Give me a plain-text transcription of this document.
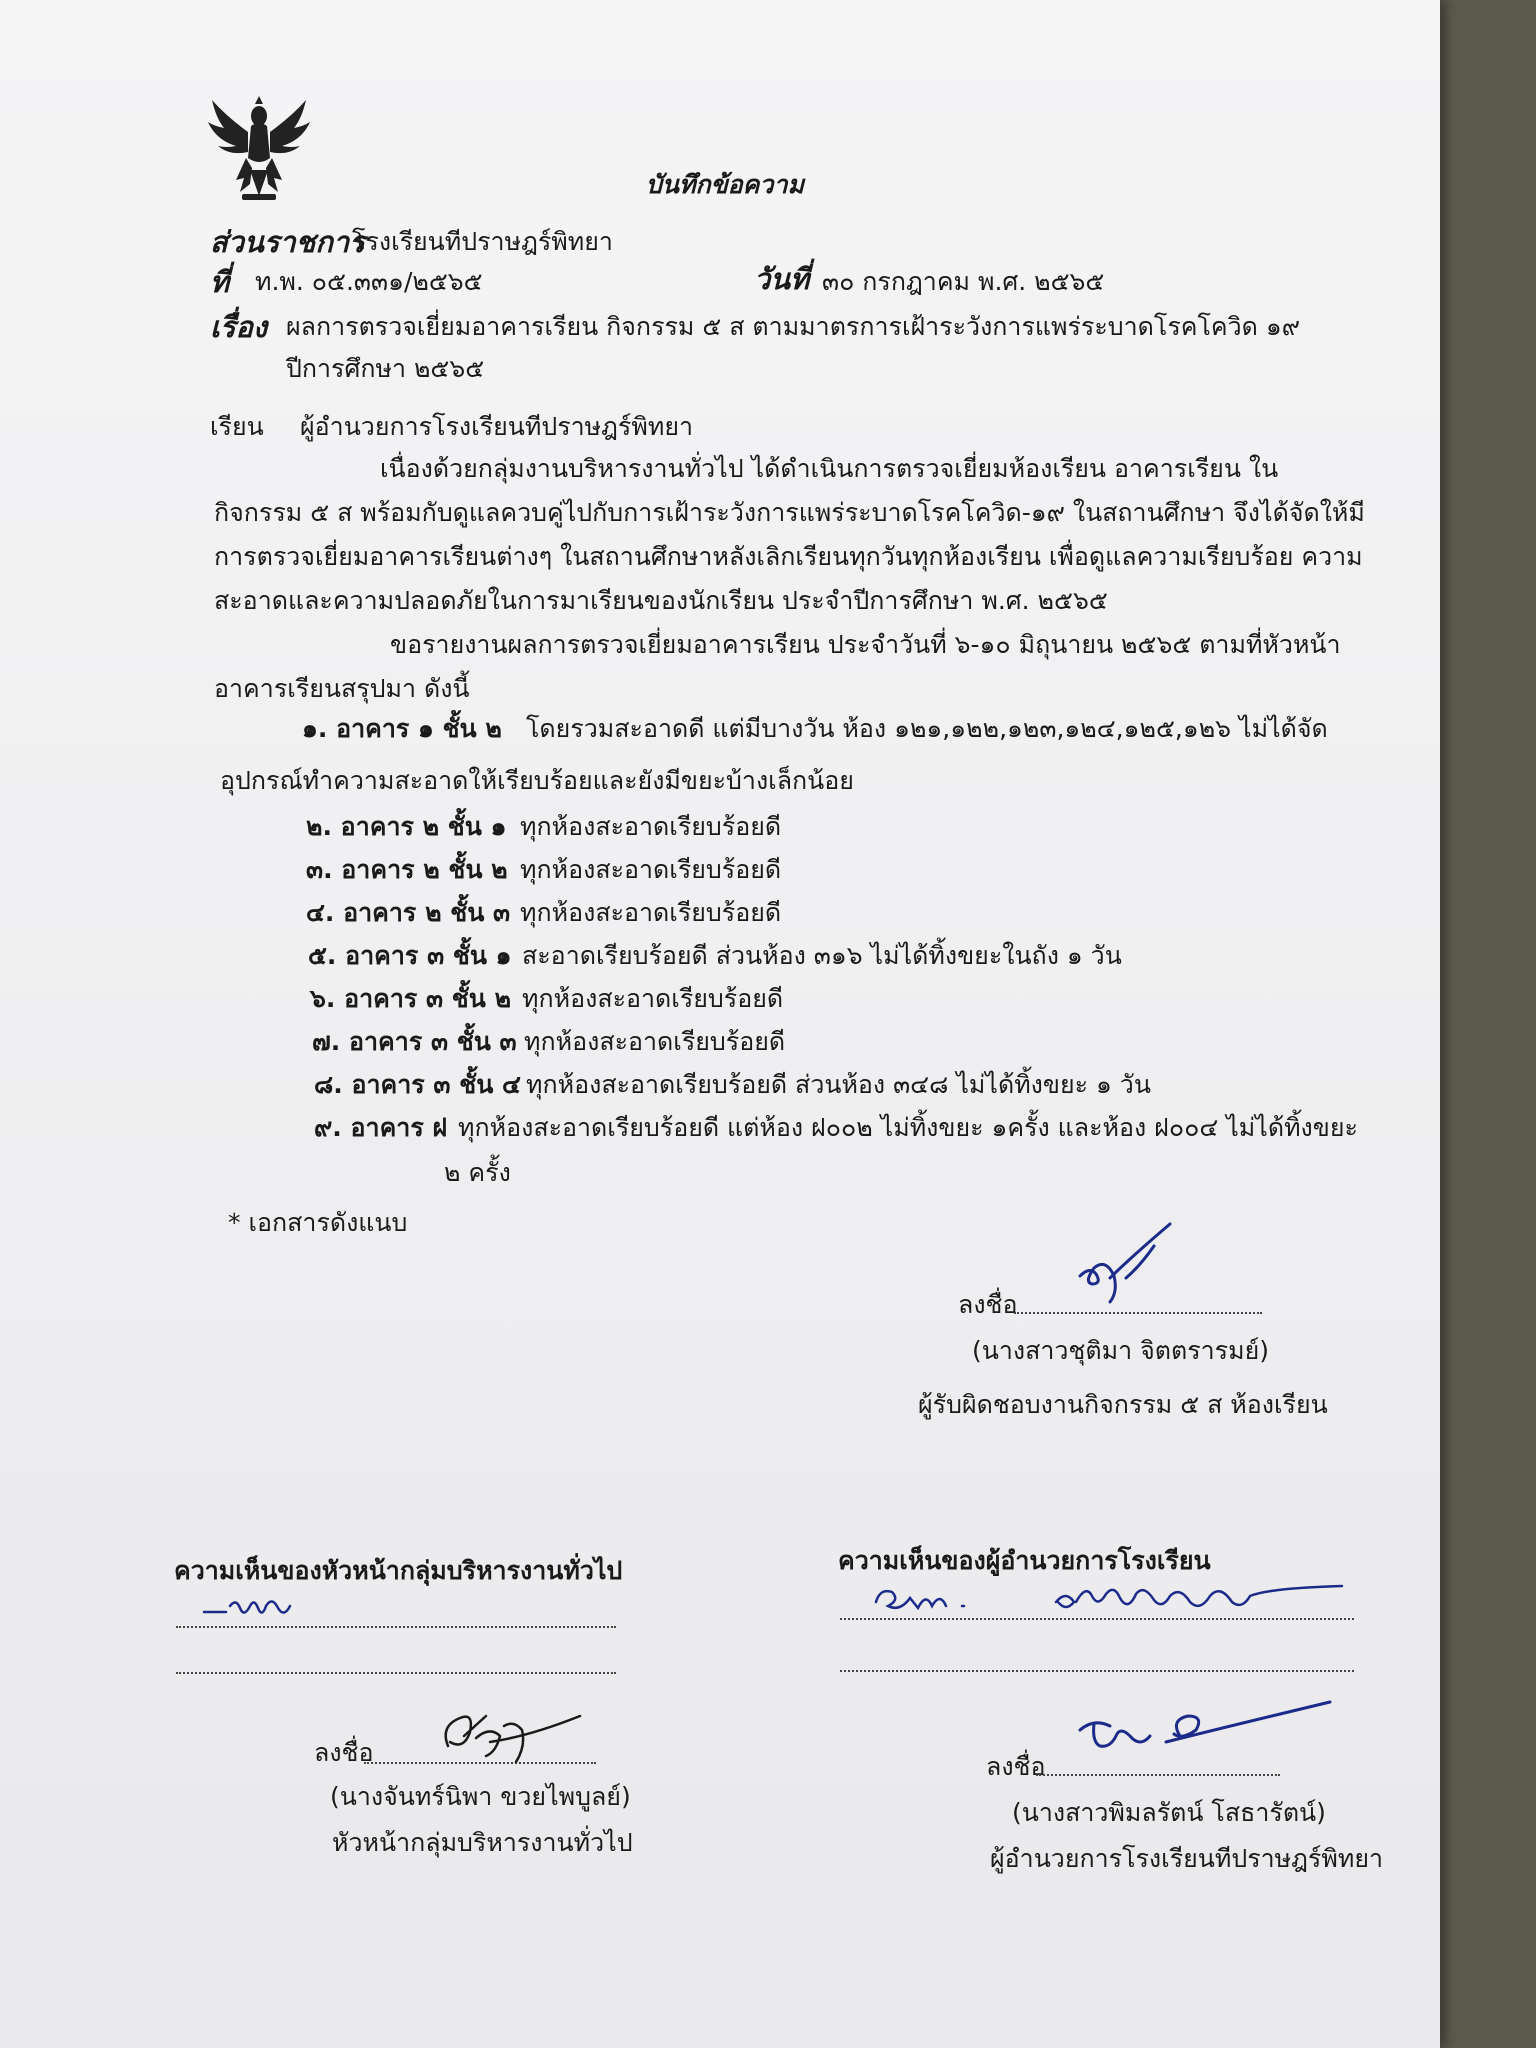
บันทึกข้อความ
ส่วนราชการ
โรงเรียนทีปราษฎร์พิทยา
ที่ ท.พ. ๐๕.๓๓๑/๒๕๖๕	วันที่ ๓๐ กรกฎาคม พ.ศ. ๒๕๖๕
เรื่อง ผลการตรวจเยี่ยมอาคารเรียน กิจกรรม ๕ ส ตามมาตรการเฝ้าระวังการแพร่ระบาดโรคโควิด ๑๙
ปีการศึกษา ๒๕๖๕
เรียน ผู้อำนวยการโรงเรียนทีปราษฎร์พิทยา
เนื่องด้วยกลุ่มงานบริหารงานทั่วไป ได้ดำเนินการตรวจเยี่ยมห้องเรียน อาคารเรียน ใน
กิจกรรม ๕ ส พร้อมกับดูแลควบคู่ไปกับการเฝ้าระวังการแพร่ระบาดโรคโควิด-๑๙ ในสถานศึกษา จึงได้จัดให้มี
การตรวจเยี่ยมอาคารเรียนต่างๆ ในสถานศึกษาหลังเลิกเรียนทุกวันทุกห้องเรียน เพื่อดูแลความเรียบร้อย ความ
สะอาดและความปลอดภัยในการมาเรียนของนักเรียน ประจำปีการศึกษา พ.ศ. ๒๕๖๕
ขอรายงานผลการตรวจเยี่ยมอาคารเรียน ประจำวันที่ ๖-๑๐ มิถุนายน ๒๕๖๕ ตามที่หัวหน้า
อาคารเรียนสรุปมา ดังนี้
๑. อาคาร ๑ ชั้น ๒ โดยรวมสะอาดดี แต่มีบางวัน ห้อง ๑๒๑,๑๒๒,๑๒๓,๑๒๔,๑๒๕,๑๒๖ ไม่ได้จัด
อุปกรณ์ทำความสะอาดให้เรียบร้อยและยังมีขยะบ้างเล็กน้อย
๒. อาคาร ๒ ชั้น ๑ ทุกห้องสะอาดเรียบร้อยดี
๓. อาคาร ๒ ชั้น ๒ ทุกห้องสะอาดเรียบร้อยดี
๔. อาคาร ๒ ชั้น ๓ ทุกห้องสะอาดเรียบร้อยดี
๕. อาคาร ๓ ชั้น ๑ สะอาดเรียบร้อยดี ส่วนห้อง ๓๑๖ ไม่ได้ทิ้งขยะในถัง ๑ วัน
๖. อาคาร ๓ ชั้น ๒ ทุกห้องสะอาดเรียบร้อยดี
๗. อาคาร ๓ ชั้น ๓ ทุกห้องสะอาดเรียบร้อยดี
๘. อาคาร ๓ ชั้น ๔ ทุกห้องสะอาดเรียบร้อยดี ส่วนห้อง ๓๔๘ ไม่ได้ทิ้งขยะ ๑ วัน
๙. อาคาร ฝ ทุกห้องสะอาดเรียบร้อยดี แต่ห้อง ฝ๐๐๒ ไม่ทิ้งขยะ ๑ครั้ง และห้อง ฝ๐๐๔ ไม่ได้ทิ้งขยะ
๒ ครั้ง
* เอกสารดังแนบ
ลงชื่อ
(นางสาวชุติมา จิตตรารมย์)
ผู้รับผิดชอบงานกิจกรรม ๕ ส ห้องเรียน
ความเห็นของหัวหน้ากลุ่มบริหารงานทั่วไป
ลงชื่อ
(นางจันทร์นิพา ขวยไพบูลย์)
หัวหน้ากลุ่มบริหารงานทั่วไป
ความเห็นของผู้อำนวยการโรงเรียน
ลงชื่อ
(นางสาวพิมลรัตน์ โสธารัตน์)
ผู้อำนวยการโรงเรียนทีปราษฎร์พิทยา
